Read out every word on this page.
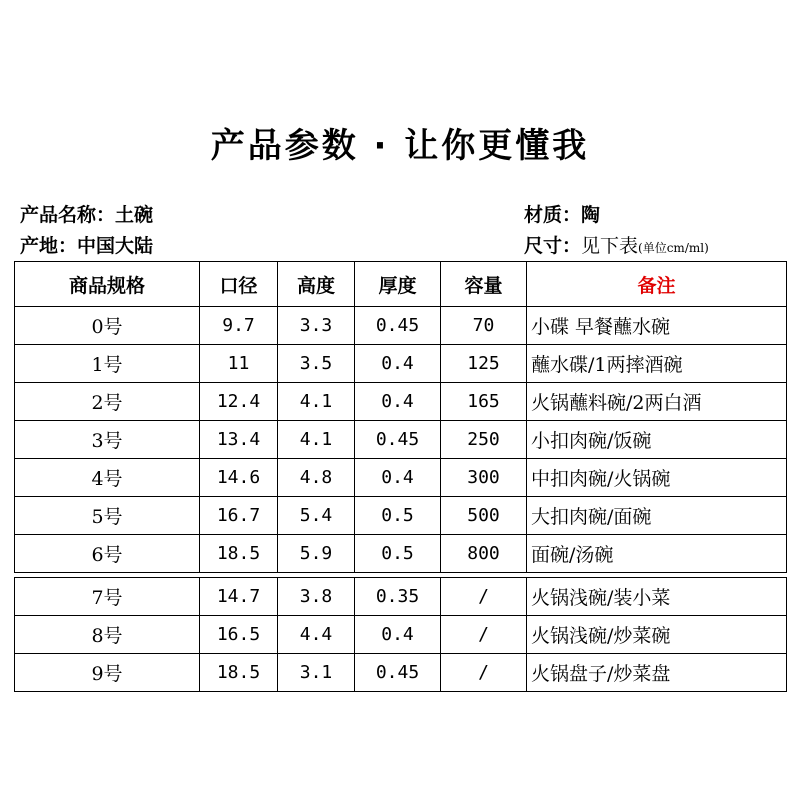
产品参数 · 让你更懂我
产品名称：土碗
产地：中国大陆
材质：陶
尺寸：见下表(单位cm/ml)
商品规格	口径	高度	厚度	容量	备注
0号	9.7	3.3	0.45	70	小碟 早餐蘸水碗
1号	11	3.5	0.4	125	蘸水碟/1两摔酒碗
2号	12.4	4.1	0.4	165	火锅蘸料碗/2两白酒
3号	13.4	4.1	0.45	250	小扣肉碗/饭碗
4号	14.6	4.8	0.4	300	中扣肉碗/火锅碗
5号	16.7	5.4	0.5	500	大扣肉碗/面碗
6号	18.5	5.9	0.5	800	面碗/汤碗

7号	14.7	3.8	0.35	/	火锅浅碗/装小菜
8号	16.5	4.4	0.4	/	火锅浅碗/炒菜碗
9号	18.5	3.1	0.45	/	火锅盘子/炒菜盘
